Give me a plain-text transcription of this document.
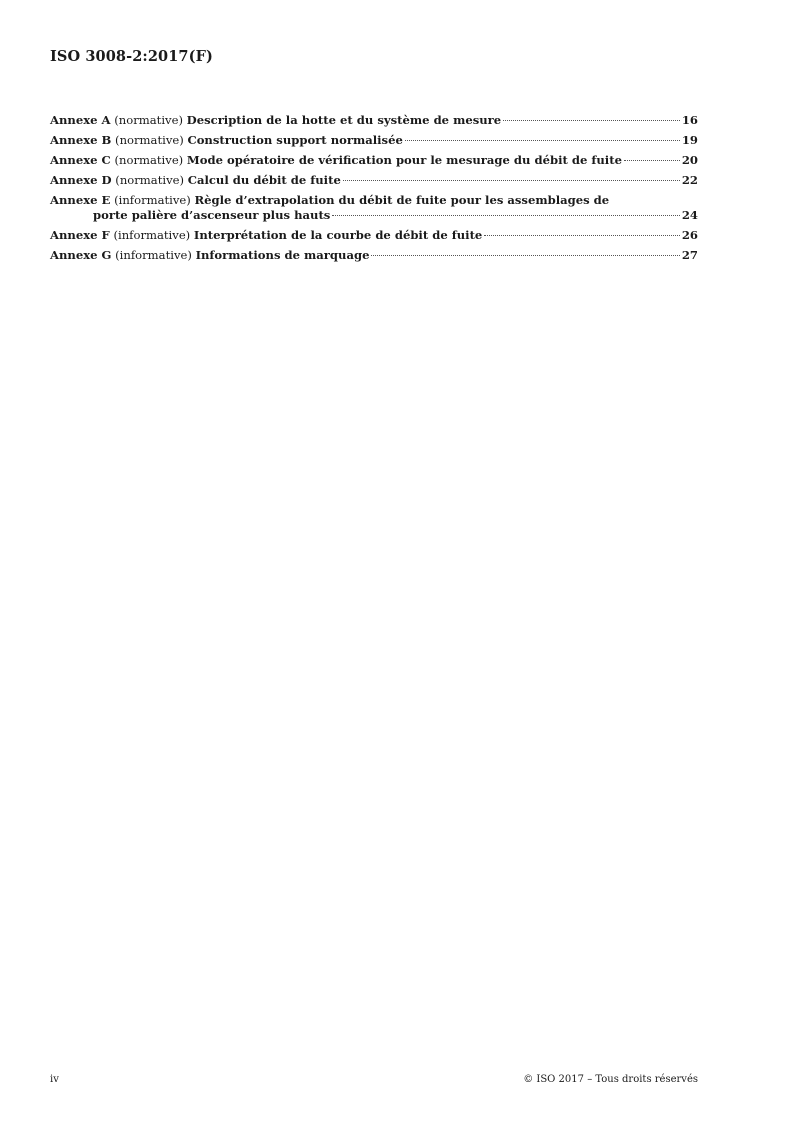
ISO 3008-2:2017(F)
Annexe A (normative) Description de la hotte et du système de mesure	16
Annexe B (normative) Construction support normalisée	19
Annexe C (normative) Mode opératoire de vérification pour le mesurage du débit de fuite	20
Annexe D (normative) Calcul du débit de fuite	22
Annexe E (informative) Règle d’extrapolation du débit de fuite pour les assemblages de
porte palière d’ascenseur plus hauts	24
Annexe F (informative) Interprétation de la courbe de débit de fuite	26
Annexe G (informative) Informations de marquage	27
iv	© ISO 2017 – Tous droits réservés
